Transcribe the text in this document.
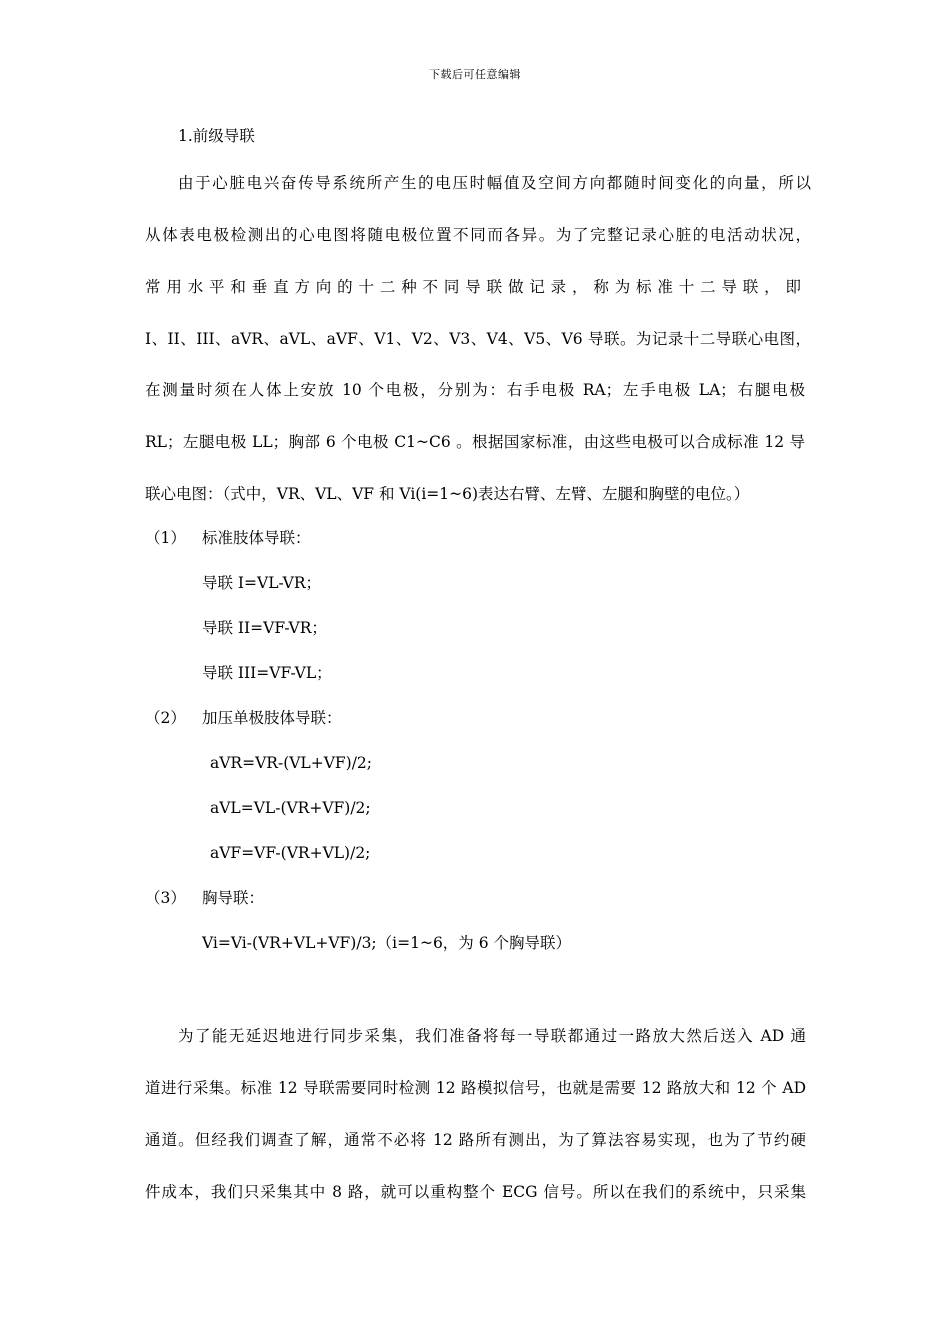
下载后可任意编辑
1.前级导联
由于心脏电兴奋传导系统所产生的电压时幅值及空间方向都随时间变化的向量，所以
从体表电极检测出的心电图将随电极位置不同而各异。为了完整记录心脏的电活动状况，
常用水平和垂直方向的十二种不同导联做记录，称为标准十二导联，即
I、II、III、aVR、aVL、aVF、V1、V2、V3、V4、V5、V6 导联。为记录十二导联心电图，
在测量时须在人体上安放 10 个电极，分别为：右手电极 RA；左手电极 LA；右腿电极
RL；左腿电极 LL；胸部 6 个电极 C1~C6 。根据国家标准，由这些电极可以合成标准 12 导
联心电图：（式中，VR、VL、VF 和 Vi(i=1~6)表达右臂、左臂、左腿和胸壁的电位。）
（1） 标准肢体导联：
导联 I=VL-VR；
导联 II=VF-VR；
导联 III=VF-VL；
（2） 加压单极肢体导联：
aVR=VR-(VL+VF)/2;
aVL=VL-(VR+VF)/2;
aVF=VF-(VR+VL)/2;
（3） 胸导联：
Vi=Vi-(VR+VL+VF)/3;（i=1~6，为 6 个胸导联）
为了能无延迟地进行同步采集，我们准备将每一导联都通过一路放大然后送入 AD 通
道进行采集。标准 12 导联需要同时检测 12 路模拟信号，也就是需要 12 路放大和 12 个 AD
通道。但经我们调查了解，通常不必将 12 路所有测出，为了算法容易实现，也为了节约硬
件成本，我们只采集其中 8 路，就可以重构整个 ECG 信号。所以在我们的系统中，只采集
